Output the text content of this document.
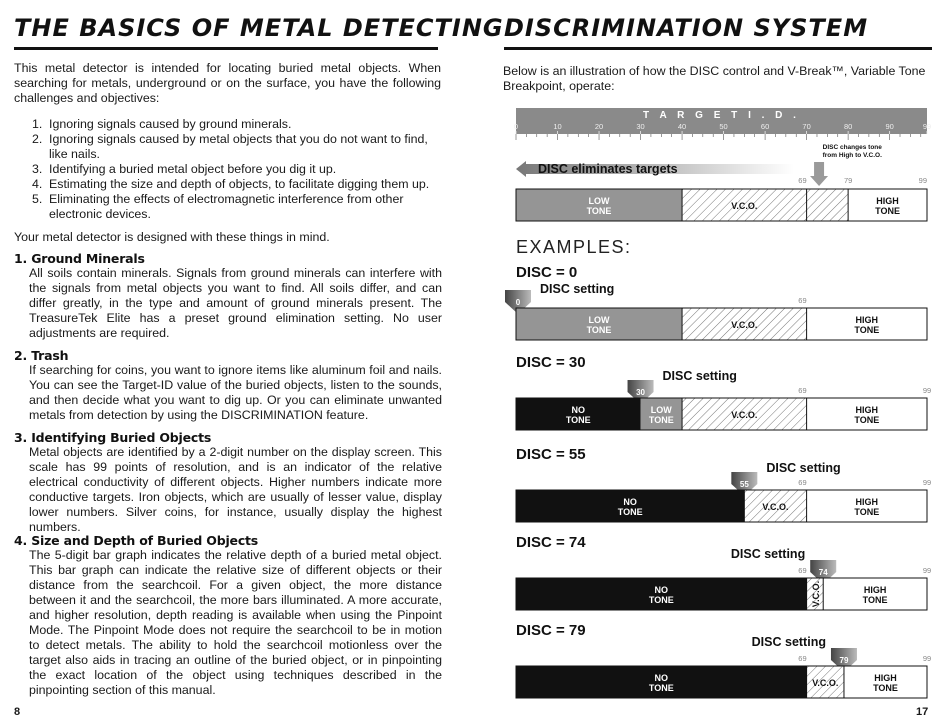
THE BASICS OF METAL DETECTING
This metal detector is intended for locating buried metal objects. When searching for metals, underground or on the surface, you have the following challenges and objectives:
1. Ignoring signals caused by ground minerals.
2. Ignoring signals caused by metal objects that you do not want to find, like nails.
3. Identifying a buried metal object before you dig it up.
4. Estimating the size and depth of objects, to facilitate digging them up.
5. Eliminating the effects of electromagnetic interference from other electronic devices.
Your metal detector is designed with these things in mind.
1. Ground Minerals
All soils contain minerals. Signals from ground minerals can interfere with the signals from metal objects you want to find. All soils differ, and can differ greatly, in the type and amount of ground minerals present. The TreasureTek Elite has a preset ground elimination setting. No user adjustments are required.
2. Trash
If searching for coins, you want to ignore items like aluminum foil and nails. You can see the Target-ID value of the buried objects, listen to the sounds, and then decide what you want to dig up. Or you can eliminate unwanted metals from detection by using the DISCRIMINATION feature.
3. Identifying Buried Objects
Metal objects are identified by a 2-digit number on the display screen. This scale has 99 points of resolution, and is an indicator of the relative electrical conductivity of different objects. Higher numbers indicate more conductive targets. Iron objects, which are usually of lesser value, display lower numbers. Silver coins, for instance, usually display the highest numbers.
4. Size and Depth of Buried Objects
The 5-digit bar graph indicates the relative depth of a buried metal object. This bar graph can indicate the relative size of different objects or their distance from the searchcoil. For a given object, the more distance between it and the searchcoil, the more bars illuminated. A more accurate, and higher resolution, depth reading is available when using the Pinpoint Mode. The Pinpoint Mode does not require the searchcoil to be in motion to detect metals. The ability to hold the searchcoil motionless over the target also aids in tracing an outline of the buried object, or in pinpointing the exact location of the object using techniques described in the pinpointing section of this manual.
8
DISCRIMINATION SYSTEM
Below is an illustration of how the DISC control and V-Break™, Variable Tone Breakpoint, operate:
17
T A R G E T I . D .
0	10	20	30	40	50	60	70	80	90	99
DISC changes tone
from High to V.C.O.
DISC eliminates targets
69	79	99
LOW
TONE	V.C.O.	HIGH
TONE
EXAMPLES:
DISC = 0
DISC setting
69
0
LOW
TONE	V.C.O.	HIGH
TONE
DISC = 30
DISC setting
69	99
30
NO
TONE
LOW
TONE	V.C.O.	HIGH
TONE
DISC = 55
DISC setting
69	99
55
NO
TONE	V.C.O.	HIGH
TONE
DISC = 74
DISC setting
69	99
74
NO
TONE	V.C.O.	HIGH
TONE
DISC = 79
DISC setting
69	99
79
NO
TONE	V.C.O.	HIGH
TONE
